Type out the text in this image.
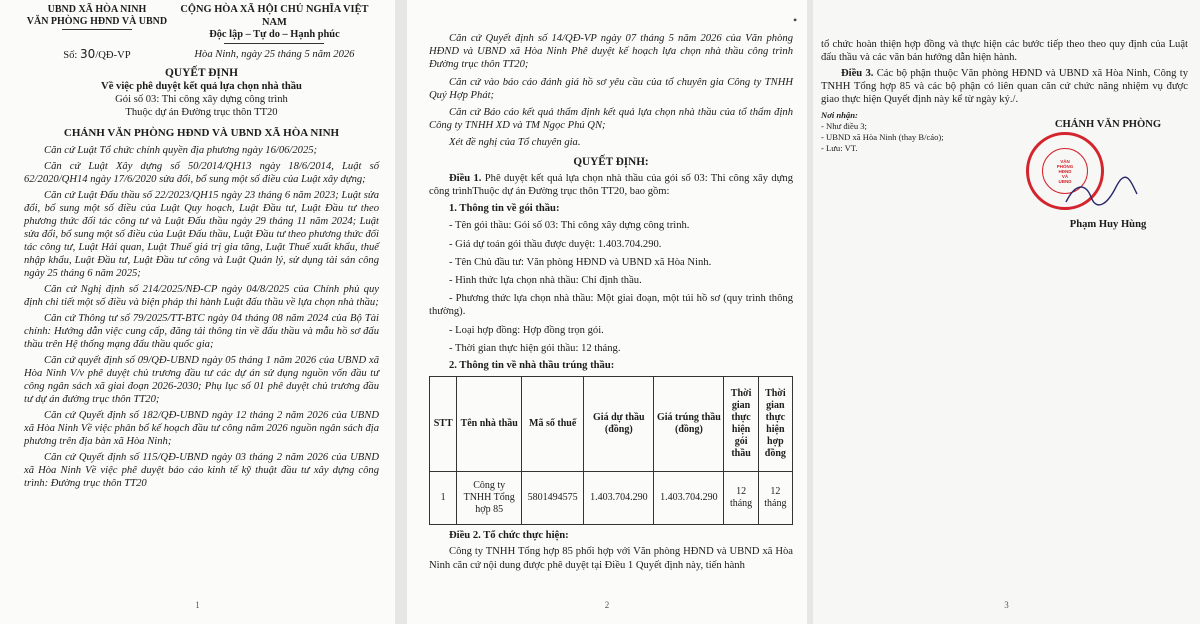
UBND XÃ HÒA NINH
VĂN PHÒNG HĐND VÀ UBND
CỘNG HÒA XÃ HỘI CHỦ NGHĨA VIỆT NAM
Độc lập – Tự do – Hạnh phúc
Số: 30/QĐ-VP	Hòa Ninh, ngày 25 tháng 5 năm 2026
QUYẾT ĐỊNH
Về việc phê duyệt kết quả lựa chọn nhà thầu
Gói số 03: Thi công xây dựng công trình
Thuộc dự án Đường trục thôn TT20
CHÁNH VĂN PHÒNG HĐND VÀ UBND XÃ HÒA NINH

Căn cứ Luật Tổ chức chính quyền địa phương ngày 16/06/2025;

Căn cứ Luật Xây dựng số 50/2014/QH13 ngày 18/6/2014, Luật số 62/2020/QH14 ngày 17/6/2020 sửa đổi, bổ sung một số điều của Luật xây dựng;

Căn cứ Luật Đấu thầu số 22/2023/QH15 ngày 23 tháng 6 năm 2023; Luật sửa đổi, bổ sung một số điều của Luật Quy hoạch, Luật Đầu tư, Luật Đầu tư theo phương thức đối tác công tư và Luật Đấu thầu ngày 29 tháng 11 năm 2024; Luật sửa đổi, bổ sung một số điều của Luật Đấu thầu, Luật Đầu tư theo phương thức đối tác công tư, Luật Hải quan, Luật Thuế giá trị gia tăng, Luật Thuế xuất khẩu, thuế nhập khẩu, Luật Đầu tư, Luật Đầu tư công và Luật Quản lý, sử dụng tài sản công ngày 25 tháng 6 năm 2025;

Căn cứ Nghị định số 214/2025/NĐ-CP ngày 04/8/2025 của Chính phủ quy định chi tiết một số điều và biện pháp thi hành Luật đấu thầu về lựa chọn nhà thầu;

Căn cứ Thông tư số 79/2025/TT-BTC ngày 04 tháng 08 năm 2024 của Bộ Tài chính: Hướng dẫn việc cung cấp, đăng tải thông tin về đấu thầu và mẫu hồ sơ đấu thầu trên Hệ thống mạng đấu thầu quốc gia;

Căn cứ quyết định số 09/QĐ-UBND ngày 05 tháng 1 năm 2026 của UBND xã Hòa Ninh V/v phê duyệt chủ trương đầu tư các dự án sử dụng nguồn vốn đầu tư công ngân sách xã giai đoạn 2026-2030; Phụ lục số 01 phê duyệt chủ trương đầu tư dự án đường trục thôn TT20;

Căn cứ Quyết định số 182/QĐ-UBND ngày 12 tháng 2 năm 2026 của UBND xã Hòa Ninh Về việc phân bổ kế hoạch đầu tư công năm 2026 nguồn ngân sách địa phương trên địa bàn xã Hòa Ninh;

Căn cứ Quyết định số 115/QĐ-UBND ngày 03 tháng 2 năm 2026 của UBND xã Hòa Ninh Về việc phê duyệt báo cáo kinh tế kỹ thuật đầu tư xây dựng công trình: Đường trục thôn TT20

1

Căn cứ Quyết định số 14/QĐ-VP ngày 07 tháng 5 năm 2026 của Văn phòng HĐND và UBND xã Hòa Ninh Phê duyệt kế hoạch lựa chọn nhà thầu công trình Đường trục thôn TT20;

Căn cứ vào báo cáo đánh giá hồ sơ yêu cầu của tổ chuyên gia Công ty TNHH Quý Hợp Phát;

Căn cứ Báo cáo kết quả thẩm định kết quả lựa chọn nhà thầu của tổ thẩm định Công ty TNHH XD và TM Ngọc Phú QN;

Xét đề nghị của Tổ chuyên gia.

QUYẾT ĐỊNH:

Điều 1. Phê duyệt kết quả lựa chọn nhà thầu của gói số 03: Thi công xây dựng công trìnhThuộc dự án Đường trục thôn TT20, bao gồm:

1. Thông tin về gói thầu:

- Tên gói thầu: Gói số 03: Thi công xây dựng công trình.

- Giá dự toán gói thầu được duyệt: 1.403.704.290.

- Tên Chủ đầu tư: Văn phòng HĐND và UBND xã Hòa Ninh.

- Hình thức lựa chọn nhà thầu: Chỉ định thầu.

- Phương thức lựa chọn nhà thầu: Một giai đoạn, một túi hồ sơ (quy trình thông thường).

- Loại hợp đồng: Hợp đồng trọn gói.

- Thời gian thực hiện gói thầu: 12 tháng.

2. Thông tin về nhà thầu trúng thầu:
STT	Tên nhà thầu	Mã số thuế	Giá dự thầu (đồng)	Giá trúng thầu (đồng)	Thời gian thực hiện gói thầu	Thời gian thực hiện hợp đồng
1	Công ty TNHH Tổng hợp 85	5801494575	1.403.704.290	1.403.704.290	12 tháng	12 tháng
Điều 2. Tổ chức thực hiện:

Công ty TNHH Tổng hợp 85 phối hợp với Văn phòng HĐND và UBND xã Hòa Ninh căn cứ nội dung được phê duyệt tại Điều 1 Quyết định này, tiến hành

2
•

tổ chức hoàn thiện hợp đồng và thực hiện các bước tiếp theo theo quy định của Luật đấu thầu và các văn bản hướng dẫn hiện hành.

Điều 3. Các bộ phận thuộc Văn phòng HĐND và UBND xã Hòa Ninh, Công ty TNHH Tổng hợp 85 và các bộ phận có liên quan căn cứ chức năng nhiệm vụ được giao thực hiện Quyết định này kể từ ngày ký./.

Nơi nhận:
- Như điều 3;
- UBND xã Hòa Ninh (thay B/cáo);
- Lưu: VT.
CHÁNH VĂN PHÒNG
VĂN
PHÒNG
HĐND
VÀ
UBND
Phạm Huy Hùng
3
